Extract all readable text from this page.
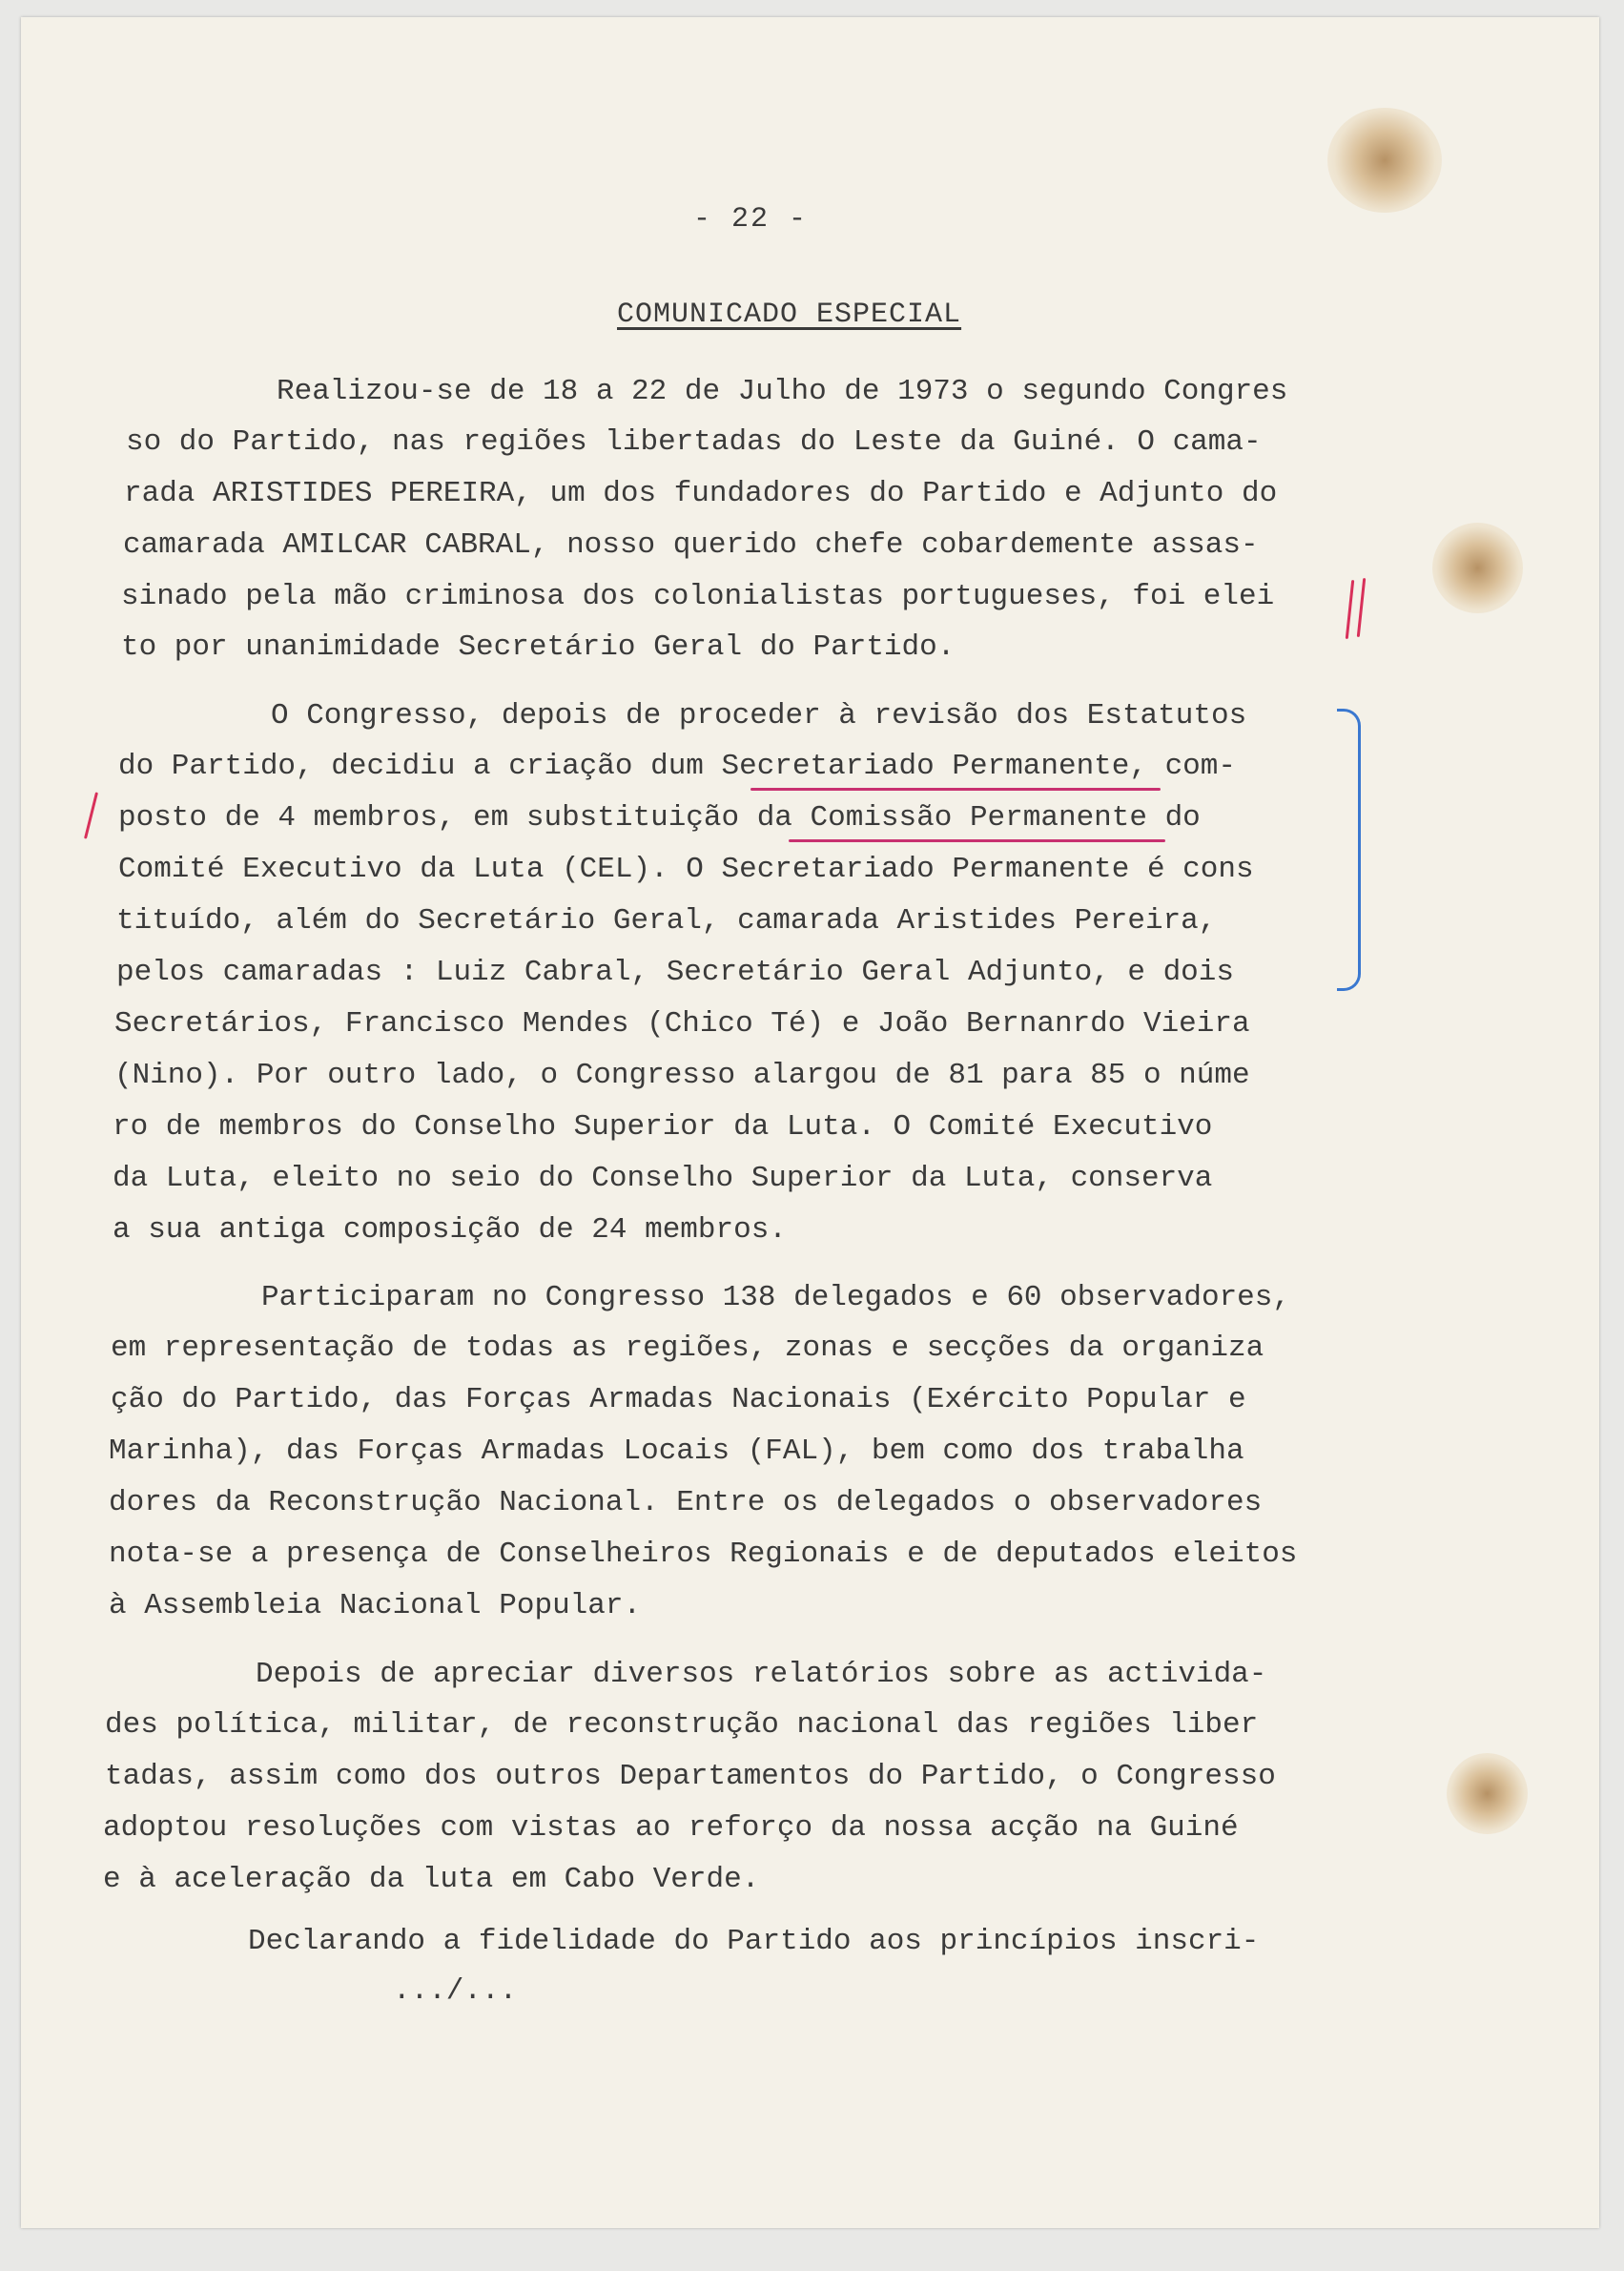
- 22 -
COMUNICADO ESPECIAL
Realizou-se de 18 a 22 de Julho de 1973 o segundo Congres
so do Partido, nas regiões libertadas do Leste da Guiné. O cama-
rada ARISTIDES PEREIRA, um dos fundadores do Partido e Adjunto do
camarada AMILCAR CABRAL, nosso querido chefe cobardemente assas-
sinado pela mão criminosa dos colonialistas portugueses, foi elei
to por unanimidade Secretário Geral do Partido.
O Congresso, depois de proceder à revisão dos Estatutos
do Partido, decidiu a criação dum Secretariado Permanente, com-
posto de 4 membros, em substituição da Comissão Permanente do
Comité Executivo da Luta (CEL). O Secretariado Permanente é cons
tituído, além do Secretário Geral, camarada Aristides Pereira,
pelos camaradas : Luiz Cabral, Secretário Geral Adjunto, e dois
Secretários, Francisco Mendes (Chico Té) e João Bernanrdo Vieira
(Nino). Por outro lado, o Congresso alargou de 81 para 85 o núme
ro de membros do Conselho Superior da Luta. O Comité Executivo
da Luta, eleito no seio do Conselho Superior da Luta, conserva
a sua antiga composição de 24 membros.
Participaram no Congresso 138 delegados e 60 observadores,
em representação de todas as regiões, zonas e secções da organiza
ção do Partido, das Forças Armadas Nacionais (Exército Popular e
Marinha), das Forças Armadas Locais (FAL), bem como dos trabalha
dores da Reconstrução Nacional. Entre os delegados o observadores
nota-se a presença de Conselheiros Regionais e de deputados eleitos
à Assembleia Nacional Popular.
Depois de apreciar diversos relatórios sobre as activida-
des política, militar, de reconstrução nacional das regiões liber
tadas, assim como dos outros Departamentos do Partido, o Congresso
adoptou resoluções com vistas ao reforço da nossa acção na Guiné
e à aceleração da luta em Cabo Verde.
Declarando a fidelidade do Partido aos princípios inscri-
.../...
